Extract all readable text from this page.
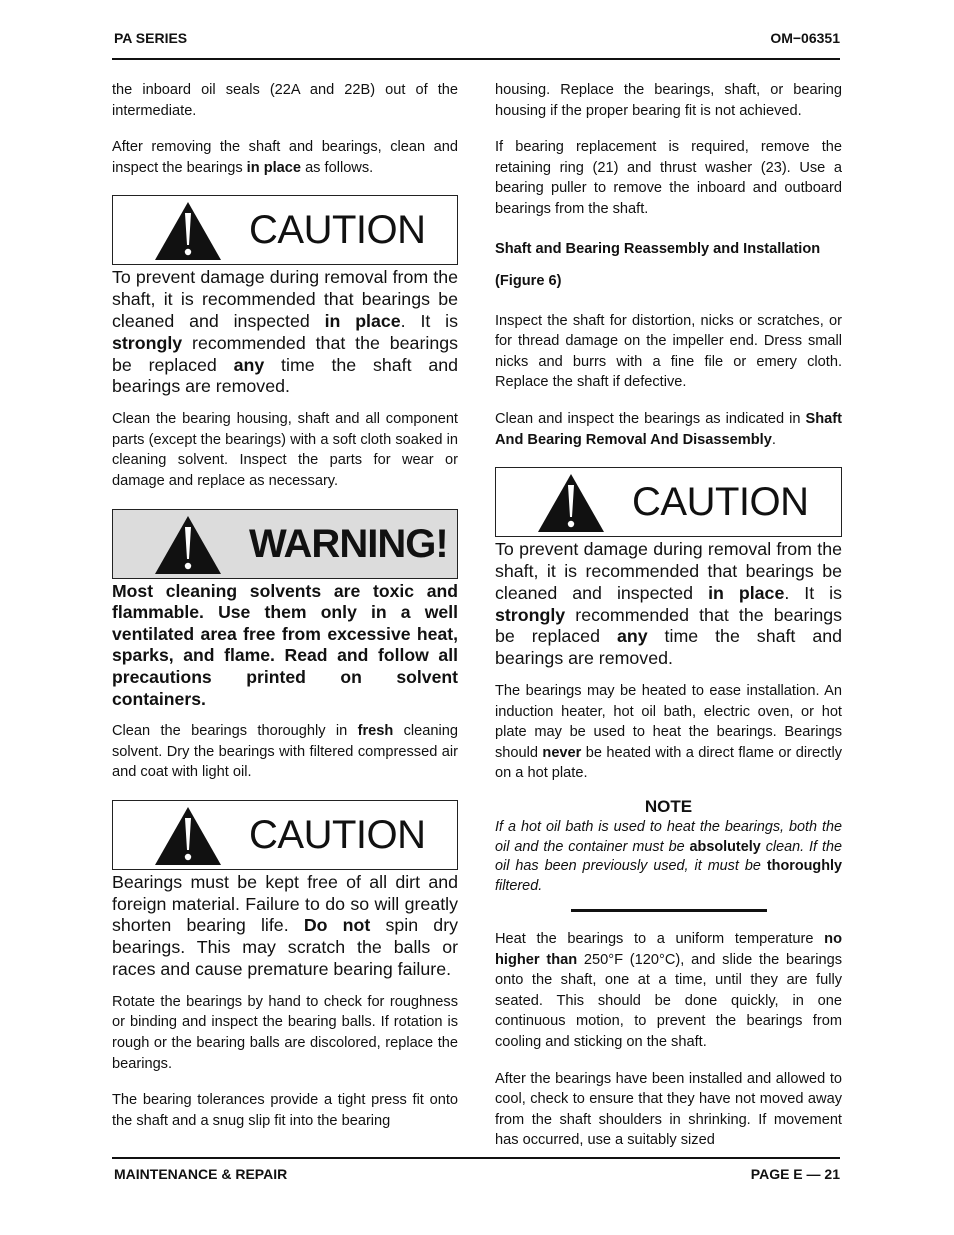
PA SERIES	OM−06351

the inboard oil seals (22A and 22B) out of the intermediate.

After removing the shaft and bearings, clean and inspect the bearings in place as follows.

CAUTION

To prevent damage during removal from the shaft, it is recommended that bearings be cleaned and inspected in place. It is strongly recommended that the bearings be replaced any time the shaft and bearings are removed.

Clean the bearing housing, shaft and all component parts (except the bearings) with a soft cloth soaked in cleaning solvent. Inspect the parts for wear or damage and replace as necessary.

WARNING!

Most cleaning solvents are toxic and flammable. Use them only in a well ventilated area free from excessive heat, sparks, and flame. Read and follow all precautions printed on solvent containers.

Clean the bearings thoroughly in fresh cleaning solvent. Dry the bearings with filtered compressed air and coat with light oil.

CAUTION

Bearings must be kept free of all dirt and foreign material. Failure to do so will greatly shorten bearing life. Do not spin dry bearings. This may scratch the balls or races and cause premature bearing failure.

Rotate the bearings by hand to check for roughness or binding and inspect the bearing balls. If rotation is rough or the bearing balls are discolored, replace the bearings.

The bearing tolerances provide a tight press fit onto the shaft and a snug slip fit into the bearing

housing. Replace the bearings, shaft, or bearing housing if the proper bearing fit is not achieved.

If bearing replacement is required, remove the retaining ring (21) and thrust washer (23). Use a bearing puller to remove the inboard and outboard bearings from the shaft.

Shaft and Bearing Reassembly and Installation

(Figure 6)

Inspect the shaft for distortion, nicks or scratches, or for thread damage on the impeller end. Dress small nicks and burrs with a fine file or emery cloth. Replace the shaft if defective.

Clean and inspect the bearings as indicated in Shaft And Bearing Removal And Disassembly.

CAUTION

To prevent damage during removal from the shaft, it is recommended that bearings be cleaned and inspected in place. It is strongly recommended that the bearings be replaced any time the shaft and bearings are removed.

The bearings may be heated to ease installation. An induction heater, hot oil bath, electric oven, or hot plate may be used to heat the bearings. Bearings should never be heated with a direct flame or directly on a hot plate.

NOTE

If a hot oil bath is used to heat the bearings, both the oil and the container must be absolutely clean. If the oil has been previously used, it must be thoroughly filtered.

Heat the bearings to a uniform temperature no higher than 250°F (120°C), and slide the bearings onto the shaft, one at a time, until they are fully seated. This should be done quickly, in one continuous motion, to prevent the bearings from cooling and sticking on the shaft.

After the bearings have been installed and allowed to cool, check to ensure that they have not moved away from the shaft shoulders in shrinking. If movement has occurred, use a suitably sized

MAINTENANCE & REPAIR	PAGE E — 21
